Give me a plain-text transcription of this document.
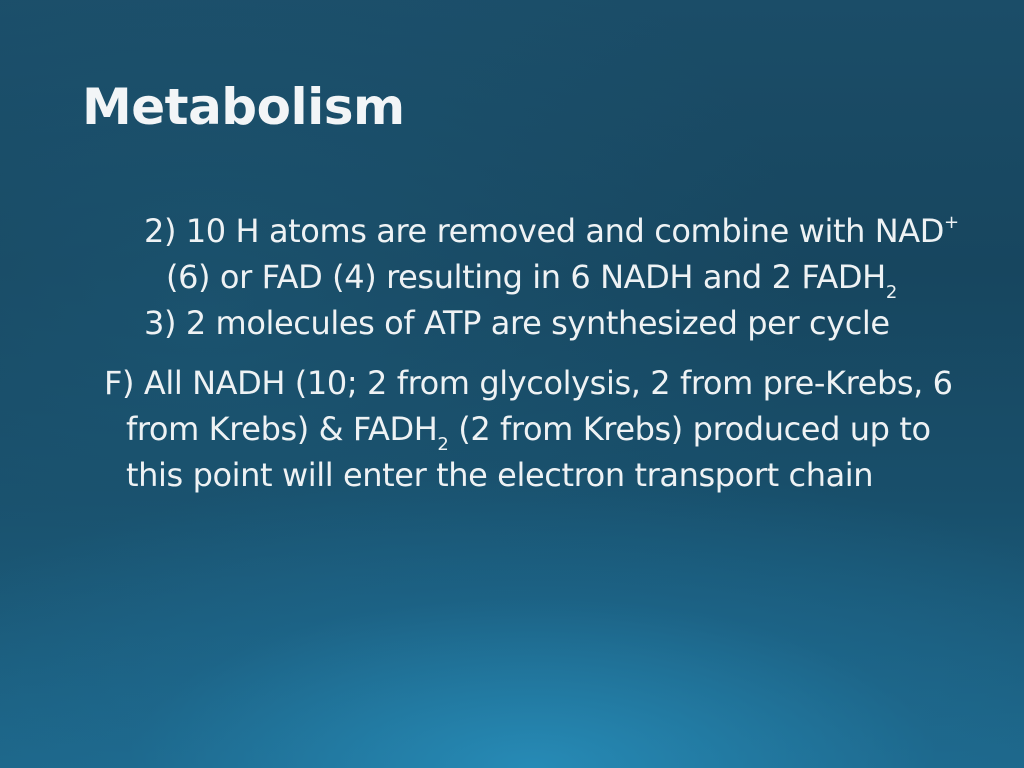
Metabolism

2) 10 H atoms are removed and combine with NAD+ (6) or FAD (4) resulting in 6 NADH and 2 $FADH_2$

3) 2 molecules of ATP are synthesized per cycle

F) All NADH (10; 2 from glycolysis, 2 from pre-Krebs, 6 from Krebs) & $FADH_2$ (2 from Krebs) produced up to this point will enter the electron transport chain
